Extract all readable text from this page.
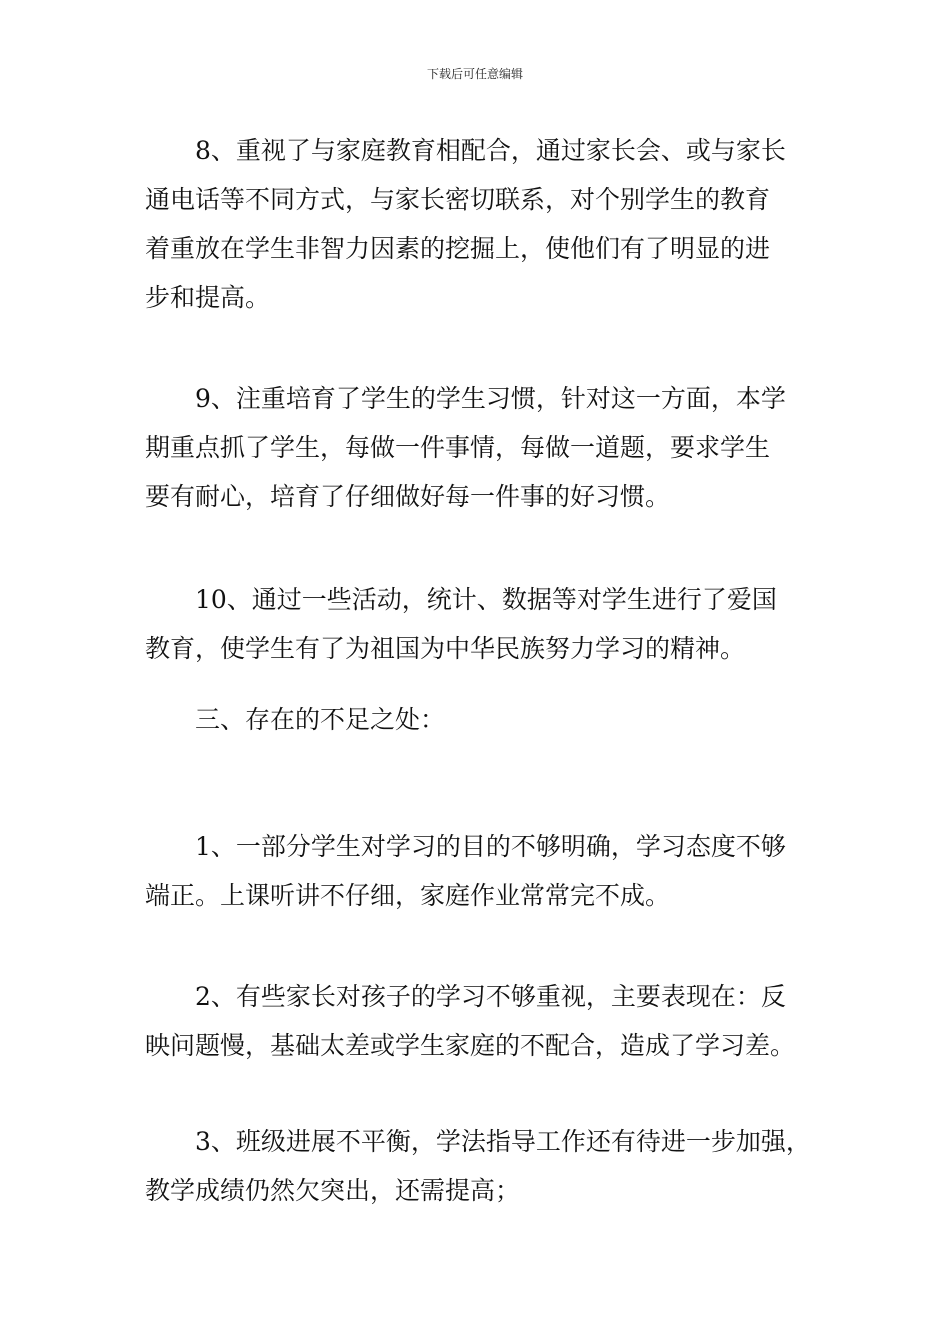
下载后可任意编辑
8、重视了与家庭教育相配合，通过家长会、或与家长
通电话等不同方式，与家长密切联系，对个别学生的教育
着重放在学生非智力因素的挖掘上，使他们有了明显的进
步和提高。
9、注重培育了学生的学生习惯，针对这一方面，本学
期重点抓了学生，每做一件事情，每做一道题，要求学生
要有耐心，培育了仔细做好每一件事的好习惯。
10、通过一些活动，统计、数据等对学生进行了爱国
教育，使学生有了为祖国为中华民族努力学习的精神。
三、存在的不足之处：
1、一部分学生对学习的目的不够明确，学习态度不够
端正。上课听讲不仔细，家庭作业常常完不成。
2、有些家长对孩子的学习不够重视，主要表现在：反
映问题慢，基础太差或学生家庭的不配合，造成了学习差。
3、班级进展不平衡，学法指导工作还有待进一步加强，
教学成绩仍然欠突出，还需提高；
